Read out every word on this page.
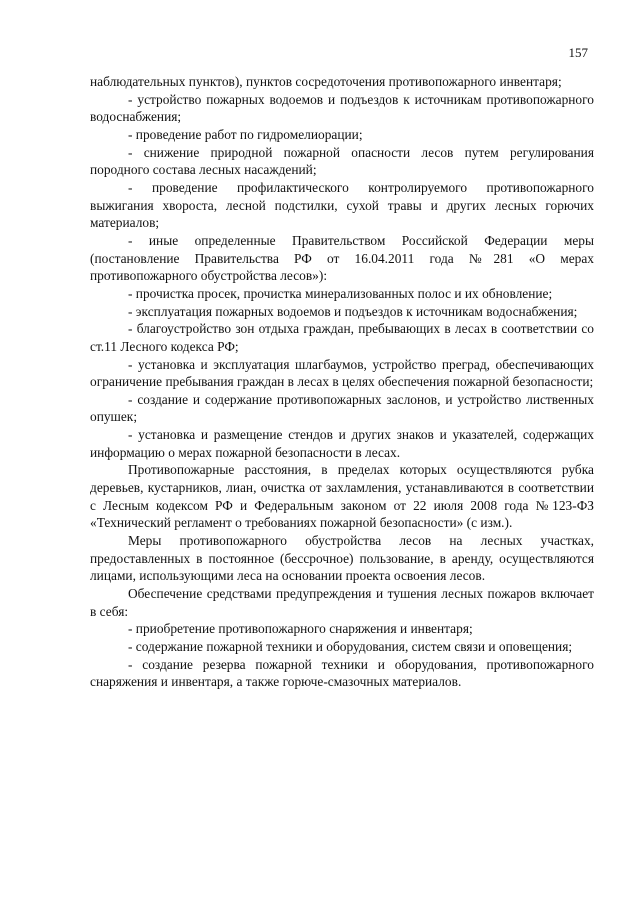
157

наблюдательных пунктов), пунктов сосредоточения противопожарного инвентаря;

- устройство пожарных водоемов и подъездов к источникам противопожарного водоснабжения;

- проведение работ по гидромелиорации;

- снижение природной пожарной опасности лесов путем регулирования породного состава лесных насаждений;

- проведение профилактического контролируемого противопожарного выжигания хвороста, лесной подстилки, сухой травы и других лесных горючих материалов;

- иные определенные Правительством Российской Федерации меры (постановление Правительства РФ от 16.04.2011 года №281 «О мерах противопожарного обустройства лесов»):

- прочистка просек, прочистка минерализованных полос и их обновление;

- эксплуатация пожарных водоемов и подъездов к источникам водоснабжения;

- благоустройство зон отдыха граждан, пребывающих в лесах в соответствии со ст.11 Лесного кодекса РФ;

- установка и эксплуатация шлагбаумов, устройство преград, обеспечивающих ограничение пребывания граждан в лесах в целях обеспечения пожарной безопасности;

- создание и содержание противопожарных заслонов, и устройство лиственных опушек;

- установка и размещение стендов и других знаков и указателей, содержащих информацию о мерах пожарной безопасности в лесах.

Противопожарные расстояния, в пределах которых осуществляются рубка деревьев, кустарников, лиан, очистка от захламления, устанавливаются в соответствии с Лесным кодексом РФ и Федеральным законом от 22 июля 2008 года №123-ФЗ «Технический регламент о требованиях пожарной безопасности» (с изм.).

Меры противопожарного обустройства лесов на лесных участках, предоставленных в постоянное (бессрочное) пользование, в аренду, осуществляются лицами, использующими леса на основании проекта освоения лесов.

Обеспечение средствами предупреждения и тушения лесных пожаров включает в себя:

- приобретение противопожарного снаряжения и инвентаря;

- содержание пожарной техники и оборудования, систем связи и оповещения;

- создание резерва пожарной техники и оборудования, противопожарного снаряжения и инвентаря, а также горюче-смазочных материалов.
